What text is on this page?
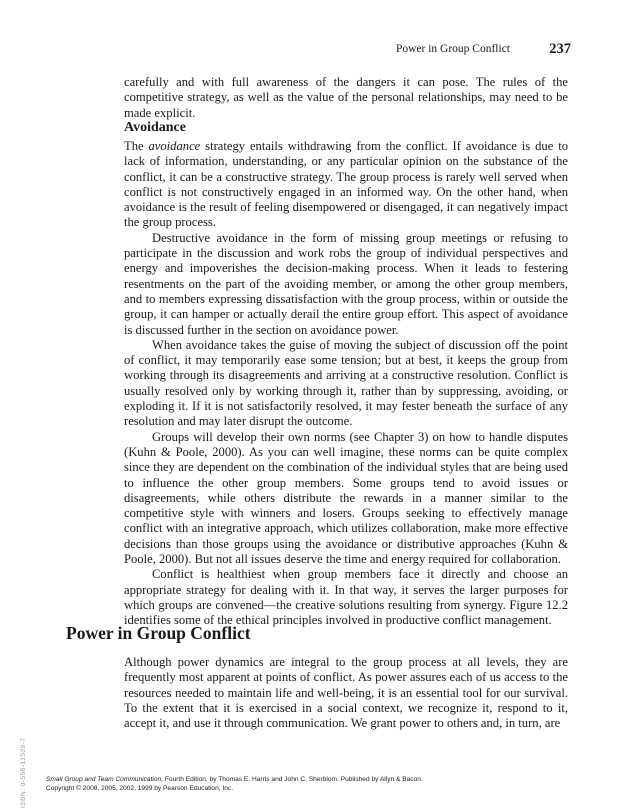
Power in Group Conflict	237

carefully and with full awareness of the dangers it can pose. The rules of the competitive strategy, as well as the value of the personal relationships, may need to be made explicit.

Avoidance

The avoidance strategy entails withdrawing from the conflict. If avoidance is due to lack of information, understanding, or any particular opinion on the substance of the conflict, it can be a constructive strategy. The group process is rarely well served when conflict is not constructively engaged in an informed way. On the other hand, when avoidance is the result of feeling disempowered or disengaged, it can negatively impact the group process.

Destructive avoidance in the form of missing group meetings or refusing to participate in the discussion and work robs the group of individual perspectives and energy and impoverishes the decision-making process. When it leads to festering resentments on the part of the avoiding member, or among the other group members, and to members expressing dissatisfaction with the group process, within or outside the group, it can hamper or actually derail the entire group effort. This aspect of avoidance is discussed further in the section on avoidance power.

When avoidance takes the guise of moving the subject of discussion off the point of conflict, it may temporarily ease some tension; but at best, it keeps the group from working through its disagreements and arriving at a constructive resolution. Conflict is usually resolved only by working through it, rather than by suppressing, avoiding, or exploding it. If it is not satisfactorily resolved, it may fester beneath the surface of any resolution and may later disrupt the outcome.

Groups will develop their own norms (see Chapter 3) on how to handle disputes (Kuhn & Poole, 2000). As you can well imagine, these norms can be quite complex since they are dependent on the combination of the individual styles that are being used to influence the other group members. Some groups tend to avoid issues or disagreements, while others distribute the rewards in a manner similar to the competitive style with winners and losers. Groups seeking to effectively manage conflict with an integrative approach, which utilizes collaboration, make more effective decisions than those groups using the avoidance or distributive approaches (Kuhn & Poole, 2000). But not all issues deserve the time and energy required for collaboration.

Conflict is healthiest when group members face it directly and choose an appropriate strategy for dealing with it. In that way, it serves the larger purposes for which groups are convened—the creative solutions resulting from synergy. Figure 12.2 identifies some of the ethical principles involved in productive conflict management.

Power in Group Conflict

Although power dynamics are integral to the group process at all levels, they are frequently most apparent at points of conflict. As power assures each of us access to the resources needed to maintain life and well-being, it is an essential tool for our survival. To the extent that it is exercised in a social context, we recognize it, respond to it, accept it, and use it through communication. We grant power to others and, in turn, are

ISBN: 0-558-11539-7	Small Group and Team Communication, Fourth Edition, by Thomas E. Harris and John C. Sherblom. Published by Allyn & Bacon.
Copyright © 2008, 2005, 2002, 1999 by Pearson Education, Inc.
